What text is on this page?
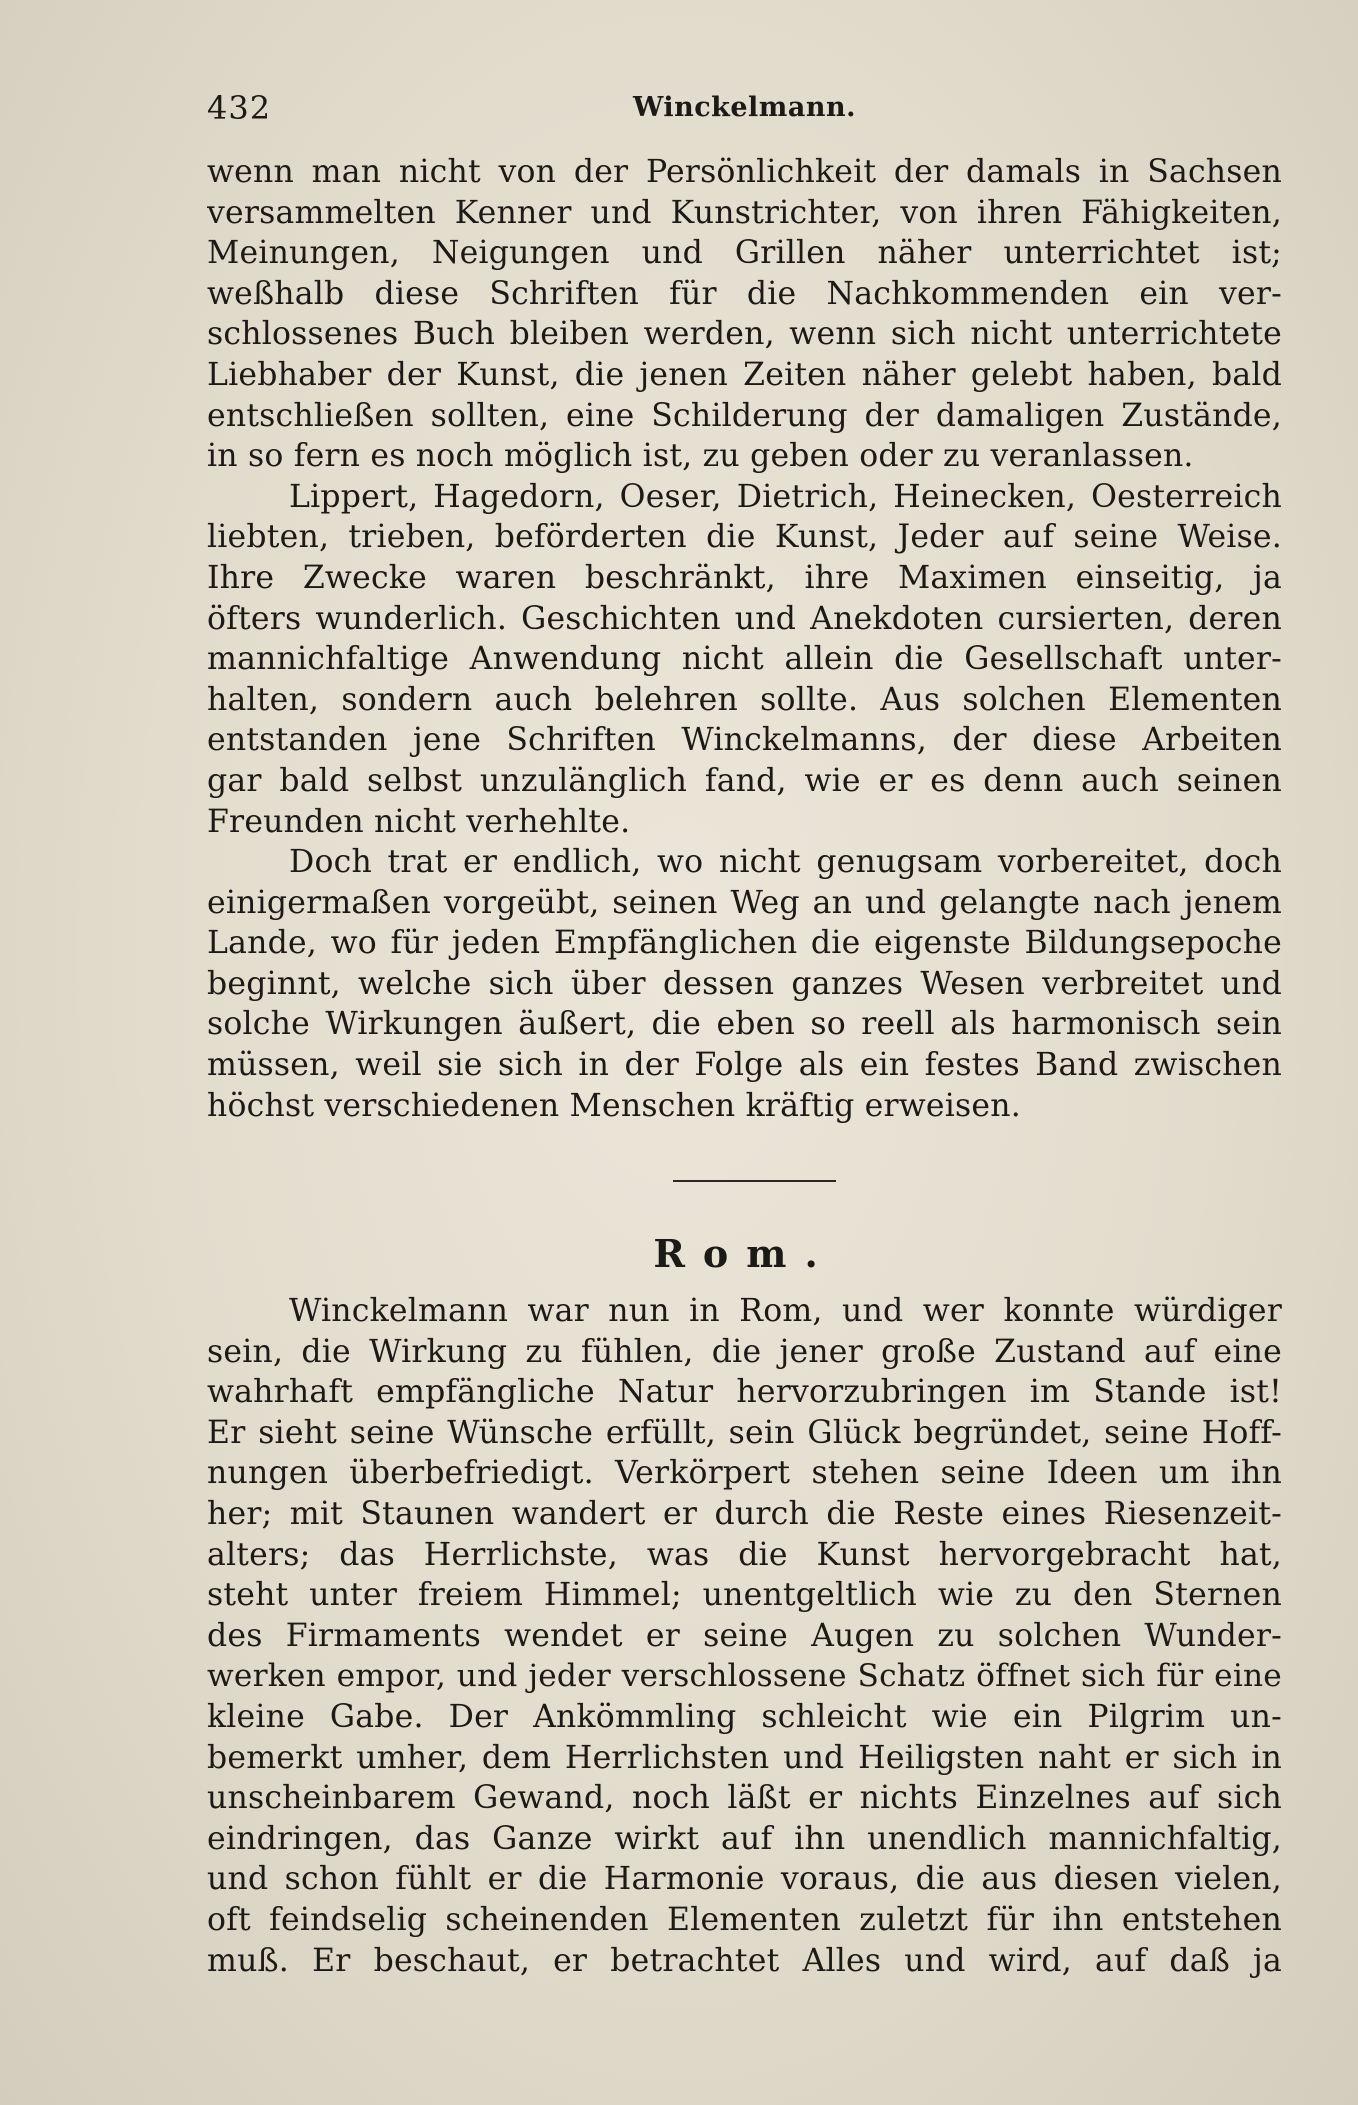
432	Winckelmann.

wenn man nicht von der Persönlichkeit der damals in Sachsen
versammelten Kenner und Kunstrichter, von ihren Fähigkeiten,
Meinungen, Neigungen und Grillen näher unterrichtet ist;
weßhalb diese Schriften für die Nachkommenden ein ver-
schlossenes Buch bleiben werden, wenn sich nicht unterrichtete
Liebhaber der Kunst, die jenen Zeiten näher gelebt haben, bald
entschließen sollten, eine Schilderung der damaligen Zustände,
in so fern es noch möglich ist, zu geben oder zu veranlassen.

Lippert, Hagedorn, Oeser, Dietrich, Heinecken, Oesterreich
liebten, trieben, beförderten die Kunst, Jeder auf seine Weise.
Ihre Zwecke waren beschränkt, ihre Maximen einseitig, ja
öfters wunderlich. Geschichten und Anekdoten cursierten, deren
mannichfaltige Anwendung nicht allein die Gesellschaft unter-
halten, sondern auch belehren sollte. Aus solchen Elementen
entstanden jene Schriften Winckelmanns, der diese Arbeiten
gar bald selbst unzulänglich fand, wie er es denn auch seinen
Freunden nicht verhehlte.

Doch trat er endlich, wo nicht genugsam vorbereitet, doch
einigermaßen vorgeübt, seinen Weg an und gelangte nach jenem
Lande, wo für jeden Empfänglichen die eigenste Bildungsepoche
beginnt, welche sich über dessen ganzes Wesen verbreitet und
solche Wirkungen äußert, die eben so reell als harmonisch sein
müssen, weil sie sich in der Folge als ein festes Band zwischen
höchst verschiedenen Menschen kräftig erweisen.

Rom.

Winckelmann war nun in Rom, und wer konnte würdiger
sein, die Wirkung zu fühlen, die jener große Zustand auf eine
wahrhaft empfängliche Natur hervorzubringen im Stande ist!
Er sieht seine Wünsche erfüllt, sein Glück begründet, seine Hoff-
nungen überbefriedigt. Verkörpert stehen seine Ideen um ihn
her; mit Staunen wandert er durch die Reste eines Riesenzeit-
alters; das Herrlichste, was die Kunst hervorgebracht hat,
steht unter freiem Himmel; unentgeltlich wie zu den Sternen
des Firmaments wendet er seine Augen zu solchen Wunder-
werken empor, und jeder verschlossene Schatz öffnet sich für eine
kleine Gabe. Der Ankömmling schleicht wie ein Pilgrim un-
bemerkt umher, dem Herrlichsten und Heiligsten naht er sich in
unscheinbarem Gewand, noch läßt er nichts Einzelnes auf sich
eindringen, das Ganze wirkt auf ihn unendlich mannichfaltig,
und schon fühlt er die Harmonie voraus, die aus diesen vielen,
oft feindselig scheinenden Elementen zuletzt für ihn entstehen
muß. Er beschaut, er betrachtet Alles und wird, auf daß ja
